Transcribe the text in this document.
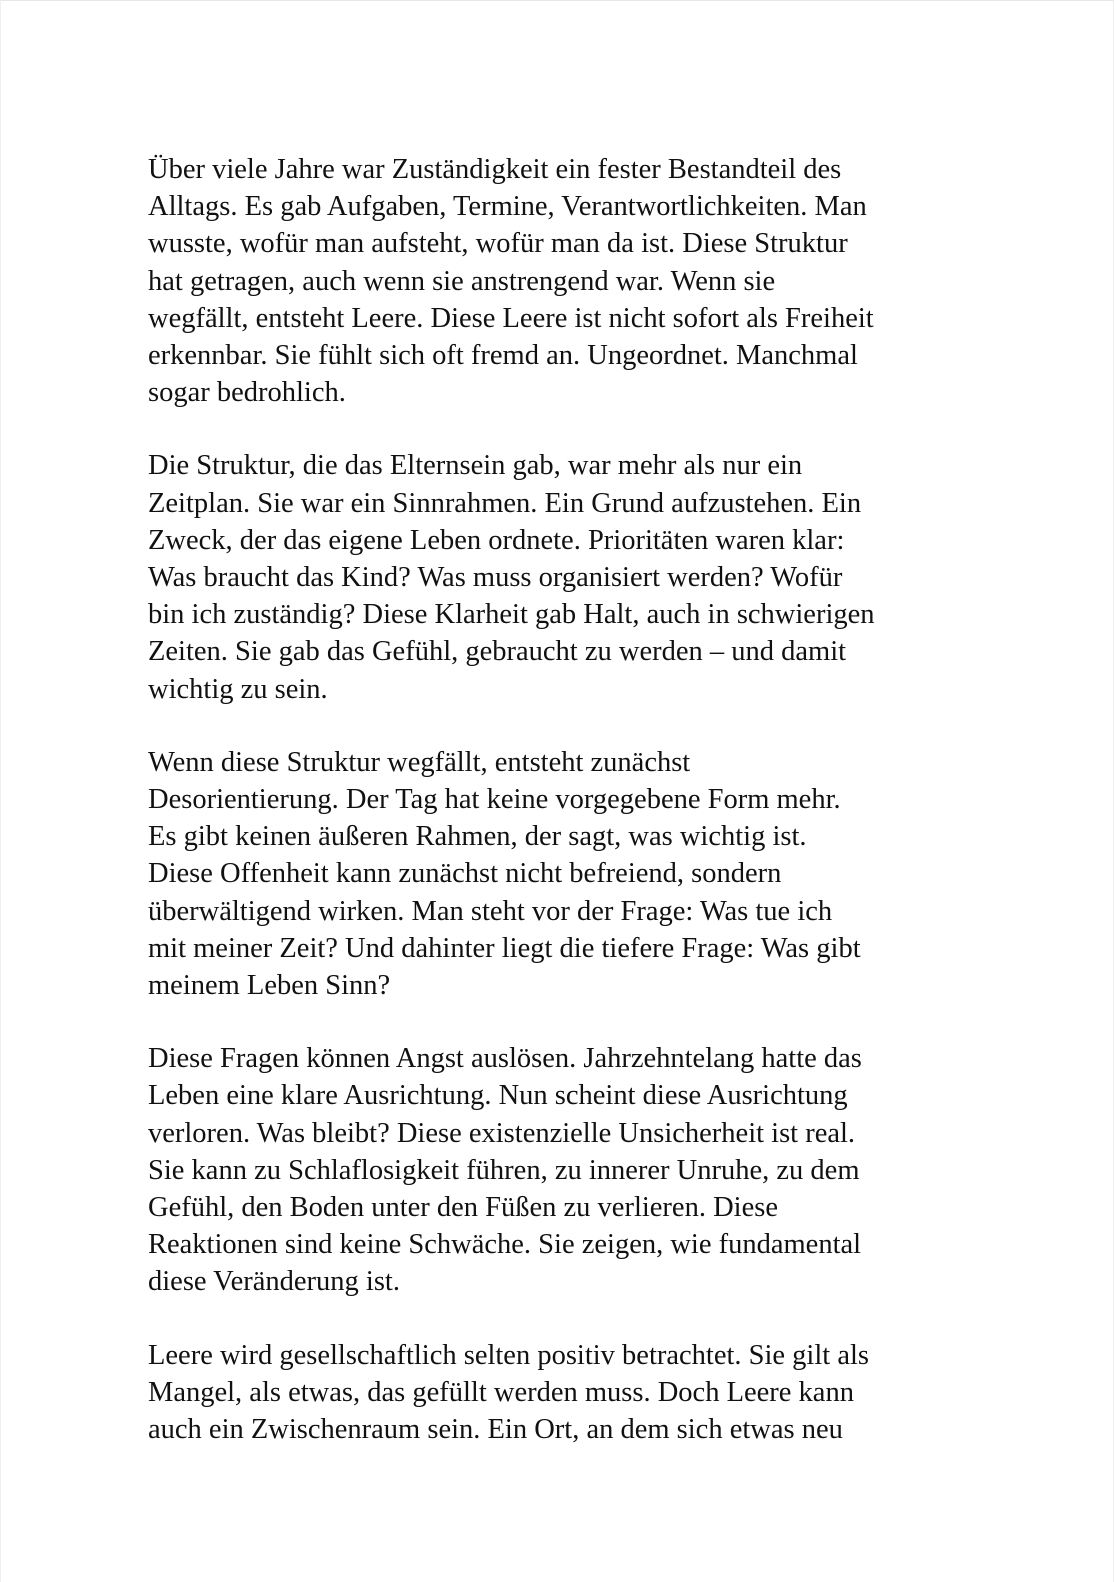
Über viele Jahre war Zuständigkeit ein fester Bestandteil des
Alltags. Es gab Aufgaben, Termine, Verantwortlichkeiten. Man
wusste, wofür man aufsteht, wofür man da ist. Diese Struktur
hat getragen, auch wenn sie anstrengend war. Wenn sie
wegfällt, entsteht Leere. Diese Leere ist nicht sofort als Freiheit
erkennbar. Sie fühlt sich oft fremd an. Ungeordnet. Manchmal
sogar bedrohlich.

Die Struktur, die das Elternsein gab, war mehr als nur ein
Zeitplan. Sie war ein Sinnrahmen. Ein Grund aufzustehen. Ein
Zweck, der das eigene Leben ordnete. Prioritäten waren klar:
Was braucht das Kind? Was muss organisiert werden? Wofür
bin ich zuständig? Diese Klarheit gab Halt, auch in schwierigen
Zeiten. Sie gab das Gefühl, gebraucht zu werden – und damit
wichtig zu sein.

Wenn diese Struktur wegfällt, entsteht zunächst
Desorientierung. Der Tag hat keine vorgegebene Form mehr.
Es gibt keinen äußeren Rahmen, der sagt, was wichtig ist.
Diese Offenheit kann zunächst nicht befreiend, sondern
überwältigend wirken. Man steht vor der Frage: Was tue ich
mit meiner Zeit? Und dahinter liegt die tiefere Frage: Was gibt
meinem Leben Sinn?

Diese Fragen können Angst auslösen. Jahrzehntelang hatte das
Leben eine klare Ausrichtung. Nun scheint diese Ausrichtung
verloren. Was bleibt? Diese existenzielle Unsicherheit ist real.
Sie kann zu Schlaflosigkeit führen, zu innerer Unruhe, zu dem
Gefühl, den Boden unter den Füßen zu verlieren. Diese
Reaktionen sind keine Schwäche. Sie zeigen, wie fundamental
diese Veränderung ist.

Leere wird gesellschaftlich selten positiv betrachtet. Sie gilt als
Mangel, als etwas, das gefüllt werden muss. Doch Leere kann
auch ein Zwischenraum sein. Ein Ort, an dem sich etwas neu
